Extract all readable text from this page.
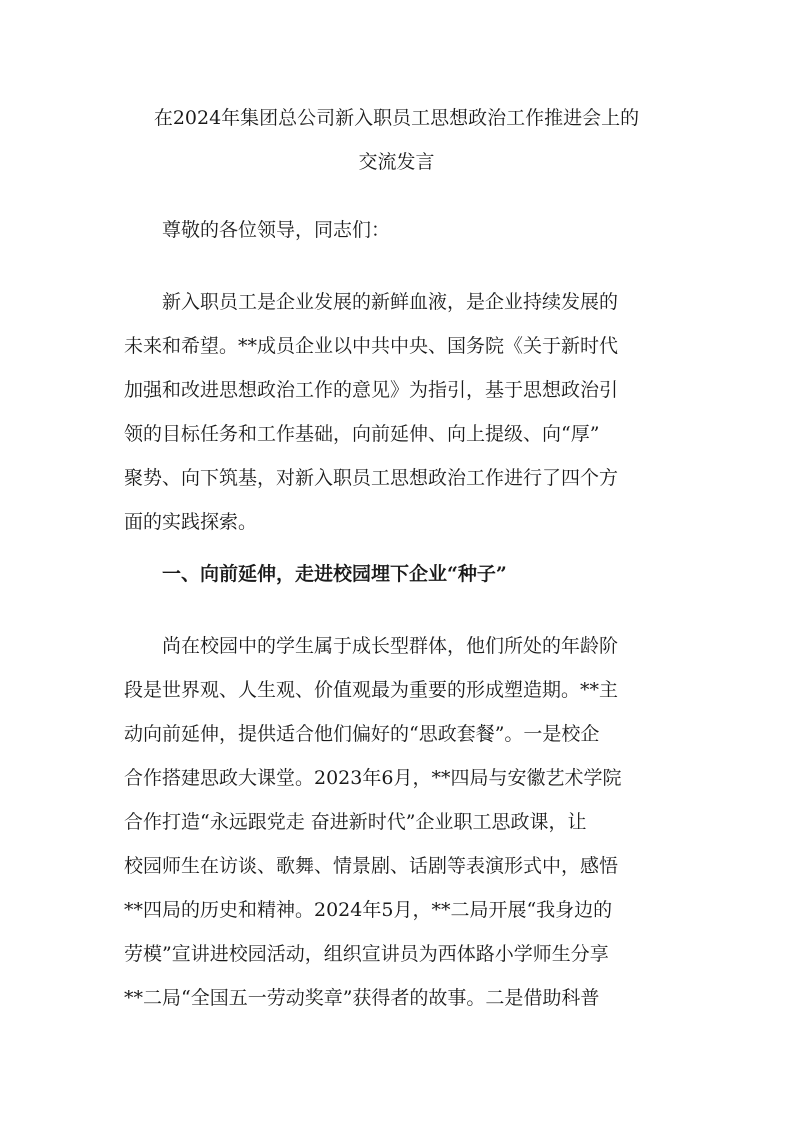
在2024年集团总公司新入职员工思想政治工作推进会上的
交流发言

尊敬的各位领导，同志们：

新入职员工是企业发展的新鲜血液，是企业持续发展的
未来和希望。**成员企业以中共中央、国务院《关于新时代
加强和改进思想政治工作的意见》为指引，基于思想政治引
领的目标任务和工作基础，向前延伸、向上提级、向“厚”
聚势、向下筑基，对新入职员工思想政治工作进行了四个方
面的实践探索。

一、向前延伸，走进校园埋下企业“种子”

尚在校园中的学生属于成长型群体，他们所处的年龄阶
段是世界观、人生观、价值观最为重要的形成塑造期。**主
动向前延伸，提供适合他们偏好的“思政套餐”。一是校企
合作搭建思政大课堂。2023年6月，**四局与安徽艺术学院
合作打造“永远跟党走 奋进新时代”企业职工思政课，让
校园师生在访谈、歌舞、情景剧、话剧等表演形式中，感悟
**四局的历史和精神。2024年5月，**二局开展“我身边的
劳模”宣讲进校园活动，组织宣讲员为西体路小学师生分享
**二局“全国五一劳动奖章”获得者的故事。二是借助科普
